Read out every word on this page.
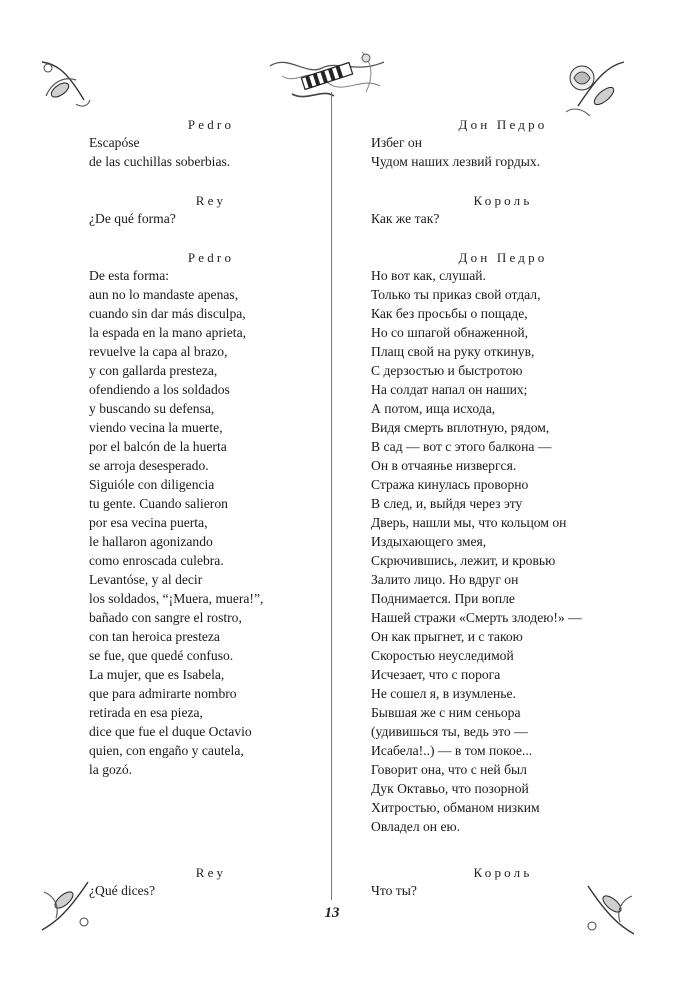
Pedro
Escapóse
de las cuchillas soberbias.
Rey
¿De qué forma?
Pedro
De esta forma:
aun no lo mandaste apenas,
cuando sin dar más disculpa,
la espada en la mano aprieta,
revuelve la capa al brazo,
y con gallarda presteza,
ofendiendo a los soldados
y buscando su defensa,
viendo vecina la muerte,
por el balcón de la huerta
se arroja desesperado.
Siguióle con diligencia
tu gente. Cuando salieron
por esa vecina puerta,
le hallaron agonizando
como enroscada culebra.
Levantóse, y al decir
los soldados, “¡Muera, muera!”,
bañado con sangre el rostro,
con tan heroica presteza
se fue, que quedé confuso.
La mujer, que es Isabela,
que para admirarte nombro
retirada en esa pieza,
dice que fue el duque Octavio
quien, con engaño y cautela,
la gozó.
Rey
¿Qué dices?
Дон Педро
Избег он
Чудом наших лезвий гордых.
Король
Как же так?
Дон Педро
Но вот как, слушай.
Только ты приказ свой отдал,
Как без просьбы о пощаде,
Но со шпагой обнаженной,
Плащ свой на руку откинув,
С дерзостью и быстротою
На солдат напал он наших;
А потом, ища исхода,
Видя смерть вплотную, рядом,
В сад — вот с этого балкона —
Он в отчаянье низвергся.
Стража кинулась проворно
В след, и, выйдя через эту
Дверь, нашли мы, что кольцом он
Издыхающего змея,
Скрючившись, лежит, и кровью
Залито лицо. Но вдруг он
Поднимается. При вопле
Нашей стражи «Смерть злодею!» —
Он как прыгнет, и с такою
Скоростью неуследимой
Исчезает, что с порога
Не сошел я, в изумленье.
Бывшая же с ним сеньора
(удивишься ты, ведь это —
Исабела!..) — в том покое...
Говорит она, что с ней был
Дук Октавьо, что позорной
Хитростью, обманом низким
Овладел он ею.
Король
Что ты?
13
